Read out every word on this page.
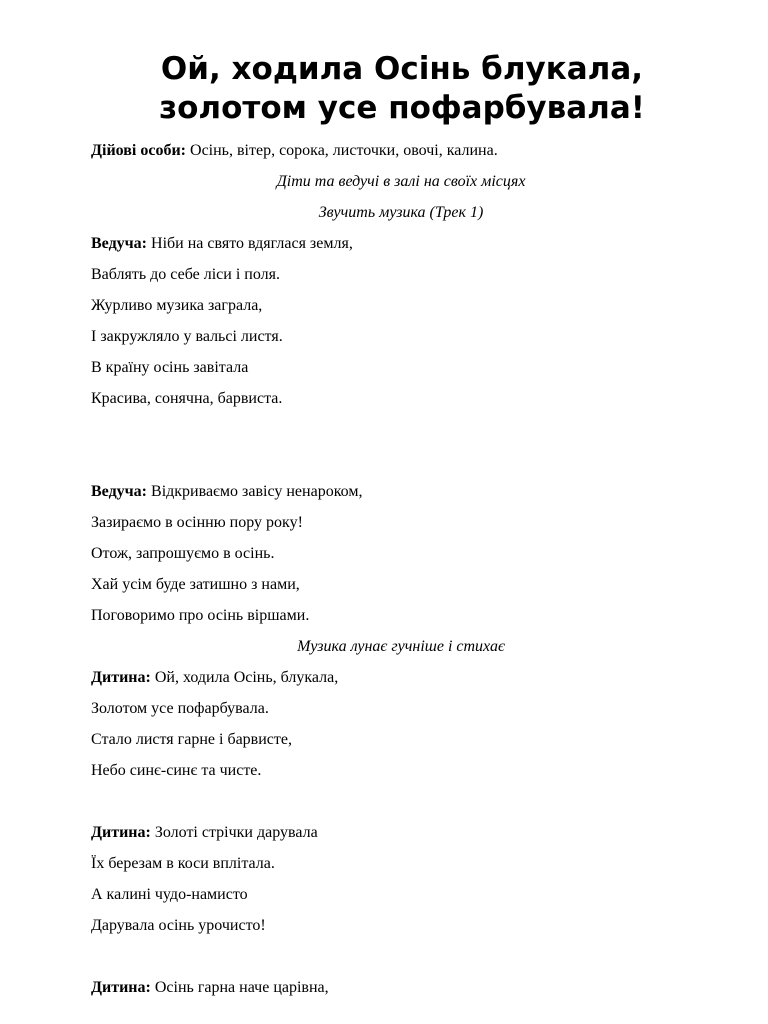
Ой, ходила Осінь блукала,
золотом усе пофарбувала!
Дійові особи: Осінь, вітер, сорока, листочки, овочі, калина.
Діти та ведучі в залі на своїх місцях
Звучить музика (Трек 1)
Ведуча: Ніби на свято вдяглася земля,
Ваблять до себе ліси і поля.
Журливо музика заграла,
І закружляло у вальсі листя.
В країну осінь завітала
Красива, сонячна, барвиста.
Ведуча: Відкриваємо завісу ненароком,
Зазираємо в осінню пору року!
Отож, запрошуємо в осінь.
Хай усім буде затишно з нами,
Поговоримо про осінь віршами.
Музика лунає гучніше і стихає
Дитина: Ой, ходила Осінь, блукала,
Золотом усе пофарбувала.
Стало листя гарне і барвисте,
Небо синє-синє та чисте.
Дитина: Золоті стрічки дарувала
Їх березам в коси вплітала.
А калині чудо-намисто
Дарувала осінь урочисто!
Дитина: Осінь гарна наче царівна,
